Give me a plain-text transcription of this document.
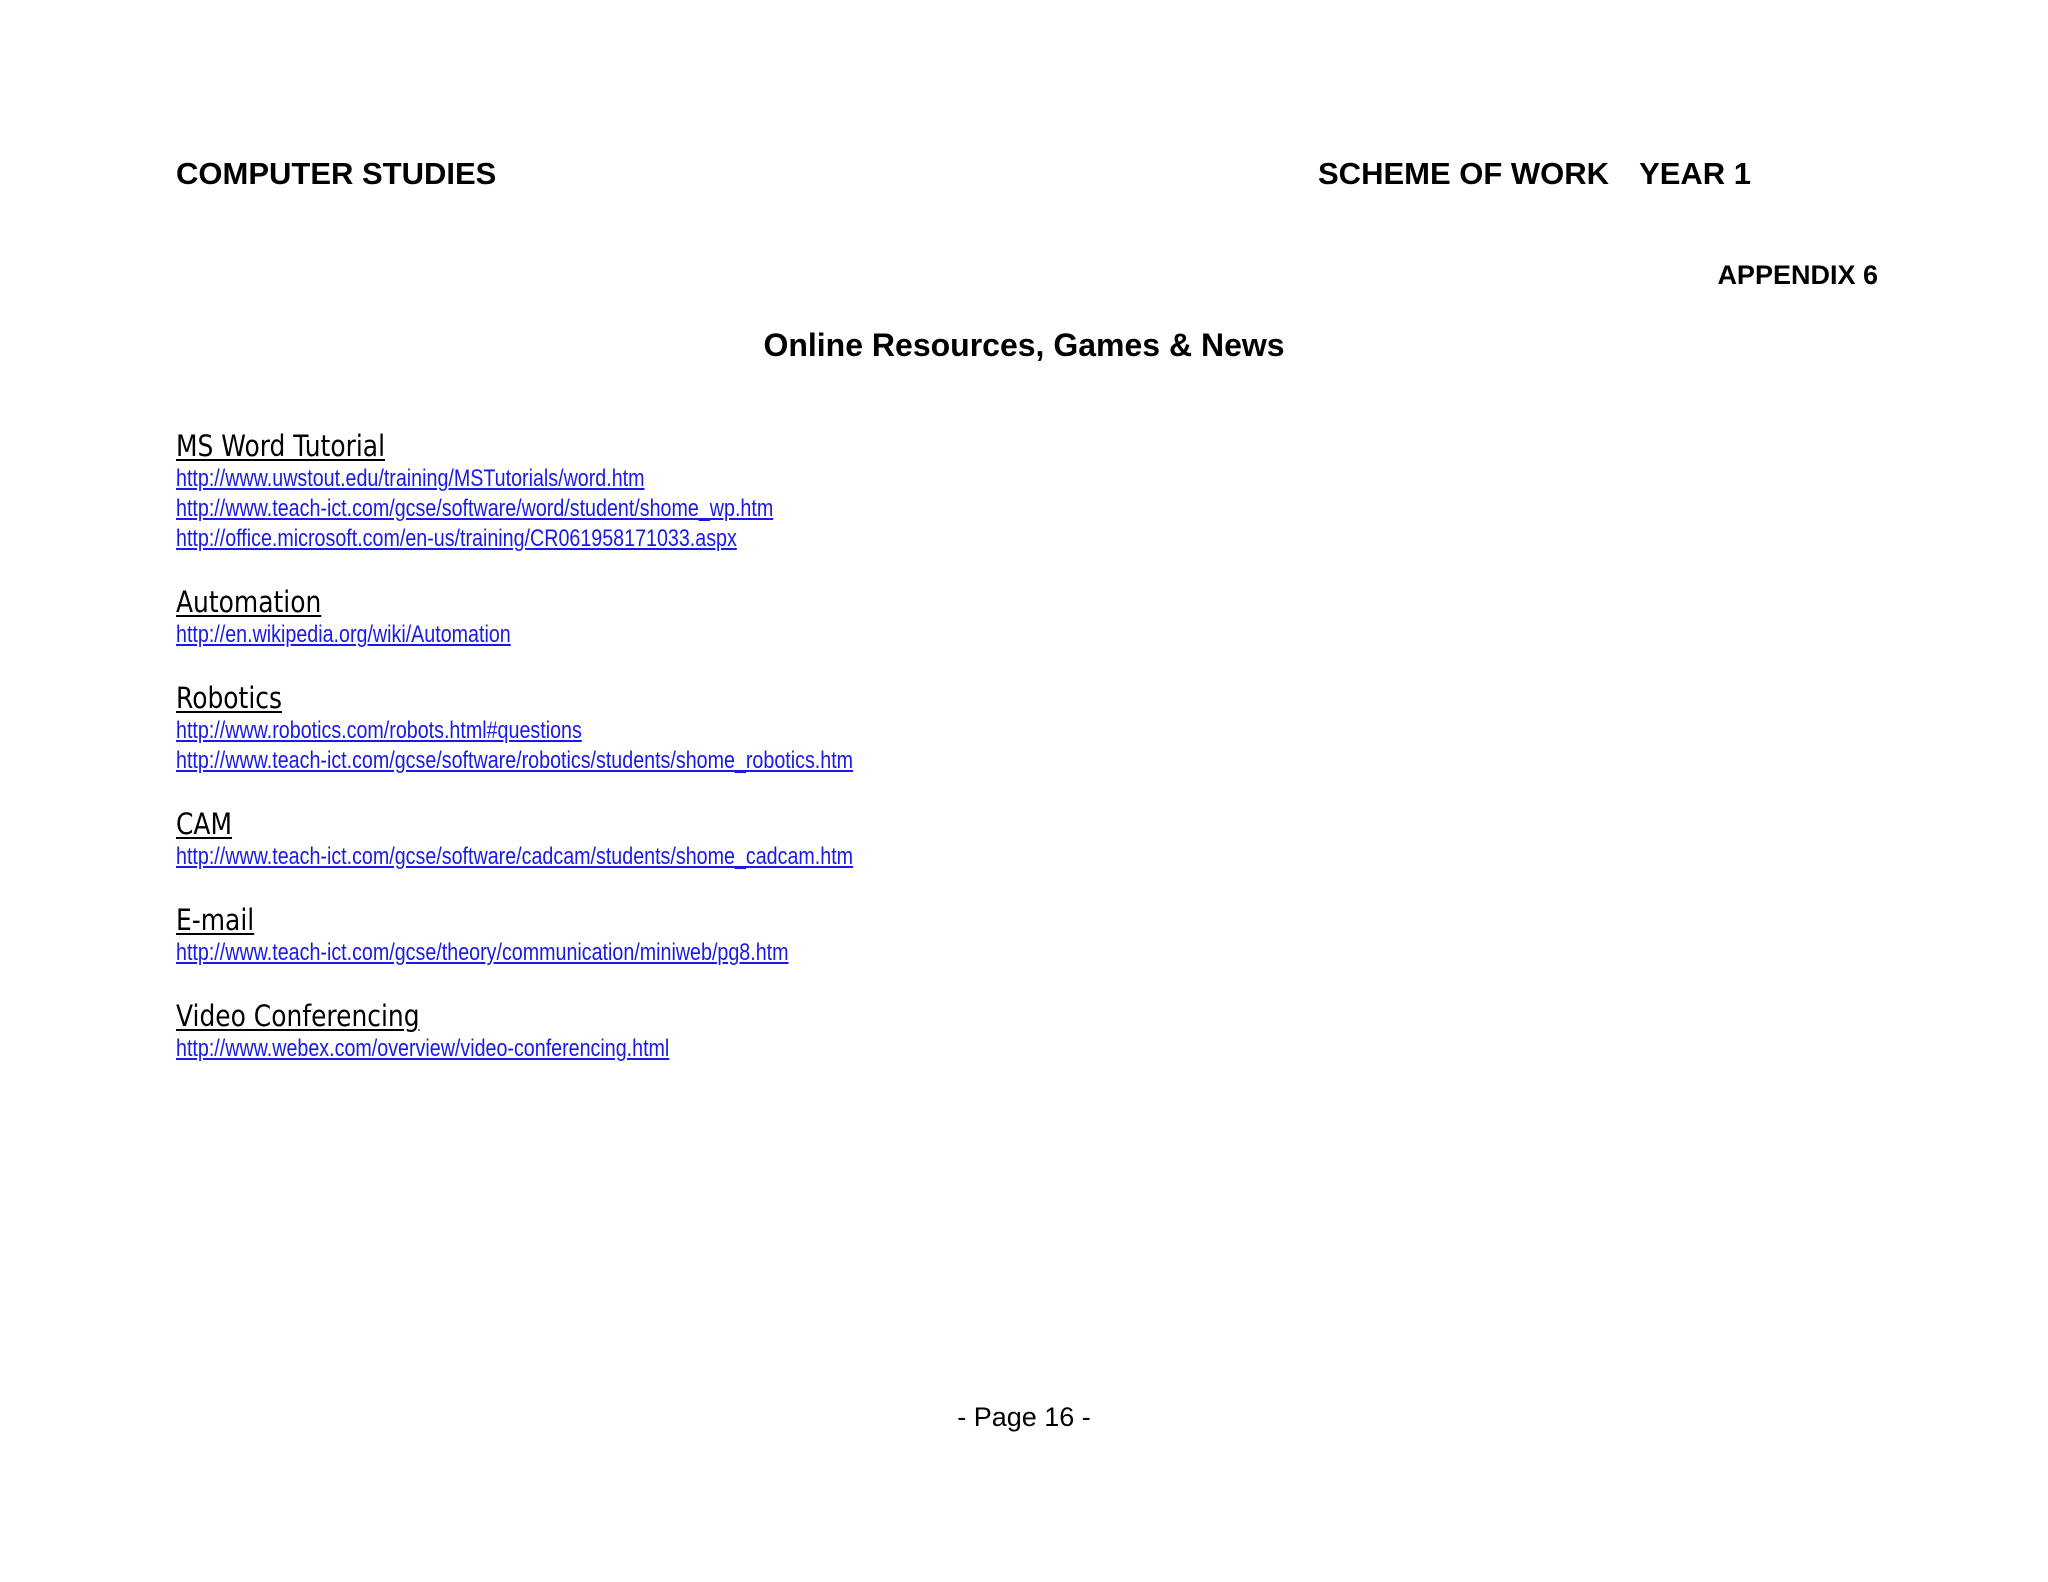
COMPUTER STUDIES	SCHEME OF WORK YEAR 1
APPENDIX 6
Online Resources, Games & News
MS Word Tutorial
http://www.uwstout.edu/training/MSTutorials/word.htm
http://www.teach-ict.com/gcse/software/word/student/shome_wp.htm
http://office.microsoft.com/en-us/training/CR061958171033.aspx
Automation
http://en.wikipedia.org/wiki/Automation
Robotics
http://www.robotics.com/robots.html#questions
http://www.teach-ict.com/gcse/software/robotics/students/shome_robotics.htm
CAM
http://www.teach-ict.com/gcse/software/cadcam/students/shome_cadcam.htm
E-mail
http://www.teach-ict.com/gcse/theory/communication/miniweb/pg8.htm
Video Conferencing
http://www.webex.com/overview/video-conferencing.html
- Page 16 -
